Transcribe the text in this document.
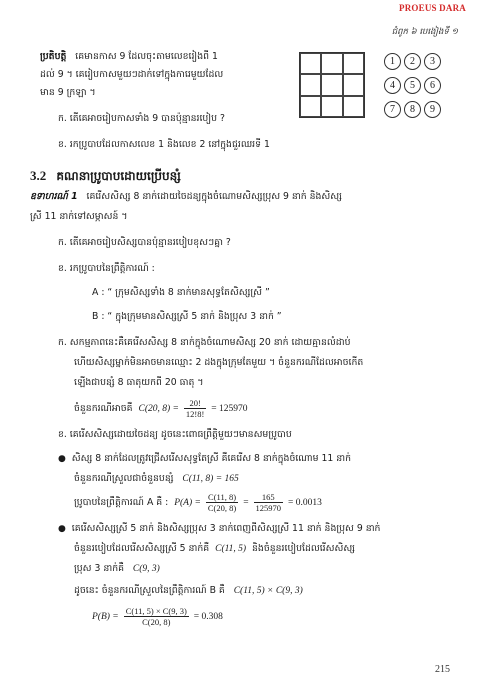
PROEUS DARA
ជំពូក ៦ បេងៀងទី ១
ប្រតិបត្តិ គេមានកាស 9 ដែលចុះតាមលេខរៀងពី 1
ដល់ 9 ។ គេរៀបកាសមួយៗដាក់ទៅក្នុងការេមួយដែល
មាន 9 ក្រឡា ។
ក. តើគេអាចរៀបកាសទាំង 9 បានប៉ុន្មានរបៀប ?
ខ. រកប្រូបាបដែលកាសលេខ 1 និងលេខ 2 នៅក្នុងជួរឈរទី 1
1	2	3
4	5	6
7	8	9
3.2 គណនាប្រូបាបដោយប្រើបន្សំ
ឧទាហរណ៍ 1 គេរើសសិស្ស 8 នាក់ដោយចៃដន្យក្នុងចំណោមសិស្សប្រុស 9 នាក់ និងសិស្ស
ស្រី 11 នាក់ទៅសម្ភាសន៍ ។
ក. តើគេអាចរៀបសិស្សបានប៉ុន្មានរបៀបខុសៗគ្នា ?
ខ. រកប្រូបាបនៃព្រឹត្តិការណ៍ :
A : “ ក្រុមសិស្សទាំង 8 នាក់មានសុទ្ធតែសិស្សស្រី ”
B : “ ក្នុងក្រុមមានសិស្សស្រី 5 នាក់ និងប្រុស 3 នាក់ ”
ក. សកម្មភាពនេះគឺគេរើសសិស្ស 8 នាក់ក្នុងចំណោមសិស្ស 20 នាក់ ដោយគ្មានលំដាប់
ហើយសិស្សម្នាក់មិនអាចមានឈ្មោះ 2 ដងក្នុងក្រុមតែមួយ ។ ចំនួនករណីដែលអាចកើត
ឡើងជាបន្សំ 8 ធាតុយកពី 20 ធាតុ ។
ចំនួនករណីអាចគឺ C(20, $8) = \frac{20!}{12!8!} = 125970$
ខ. គេរើសសិស្សដោយចៃដន្យ ដូចនេះពោធព្រឹត្តិមួយៗមានសមប្រូបាប
● សិស្ស 8 នាក់ដែលត្រូវជ្រើសរើសសុទ្ធតែស្រី គឺគេរើស 8 នាក់ក្នុងចំណោម 11 នាក់
ចំនួនករណីស្រួលជាចំនួនបន្សំ C(11, 8) = 165
ប្រូបាបនៃព្រឹត្តិការណ៍ A គឺ : $P(A) = \frac{C(11, 8)}{C(20, 8)} = \frac{165}{125970} = 0.0013$
● គេរើសសិស្សស្រី 5 នាក់ និងសិស្សប្រុស 3 នាក់ពេញពីសិស្សស្រី 11 នាក់ និងប្រុស 9 នាក់
ចំនួនរបៀបដែលរើសសិស្សស្រី 5 នាក់គឺ C(11, 5) និងចំនួនរបៀបដែលរើសសិស្ស
ប្រុស 3 នាក់គឺ C(9, 3)
ដូចនេះ ចំនួនករណីស្រួលនៃព្រឹត្តិការណ៍ B គឺ C(11, 5) × C(9, 3)
$P(B) = \frac{C(11, 5) \times C(9, 3)}{C(20, 8)} = 0.308$
215
